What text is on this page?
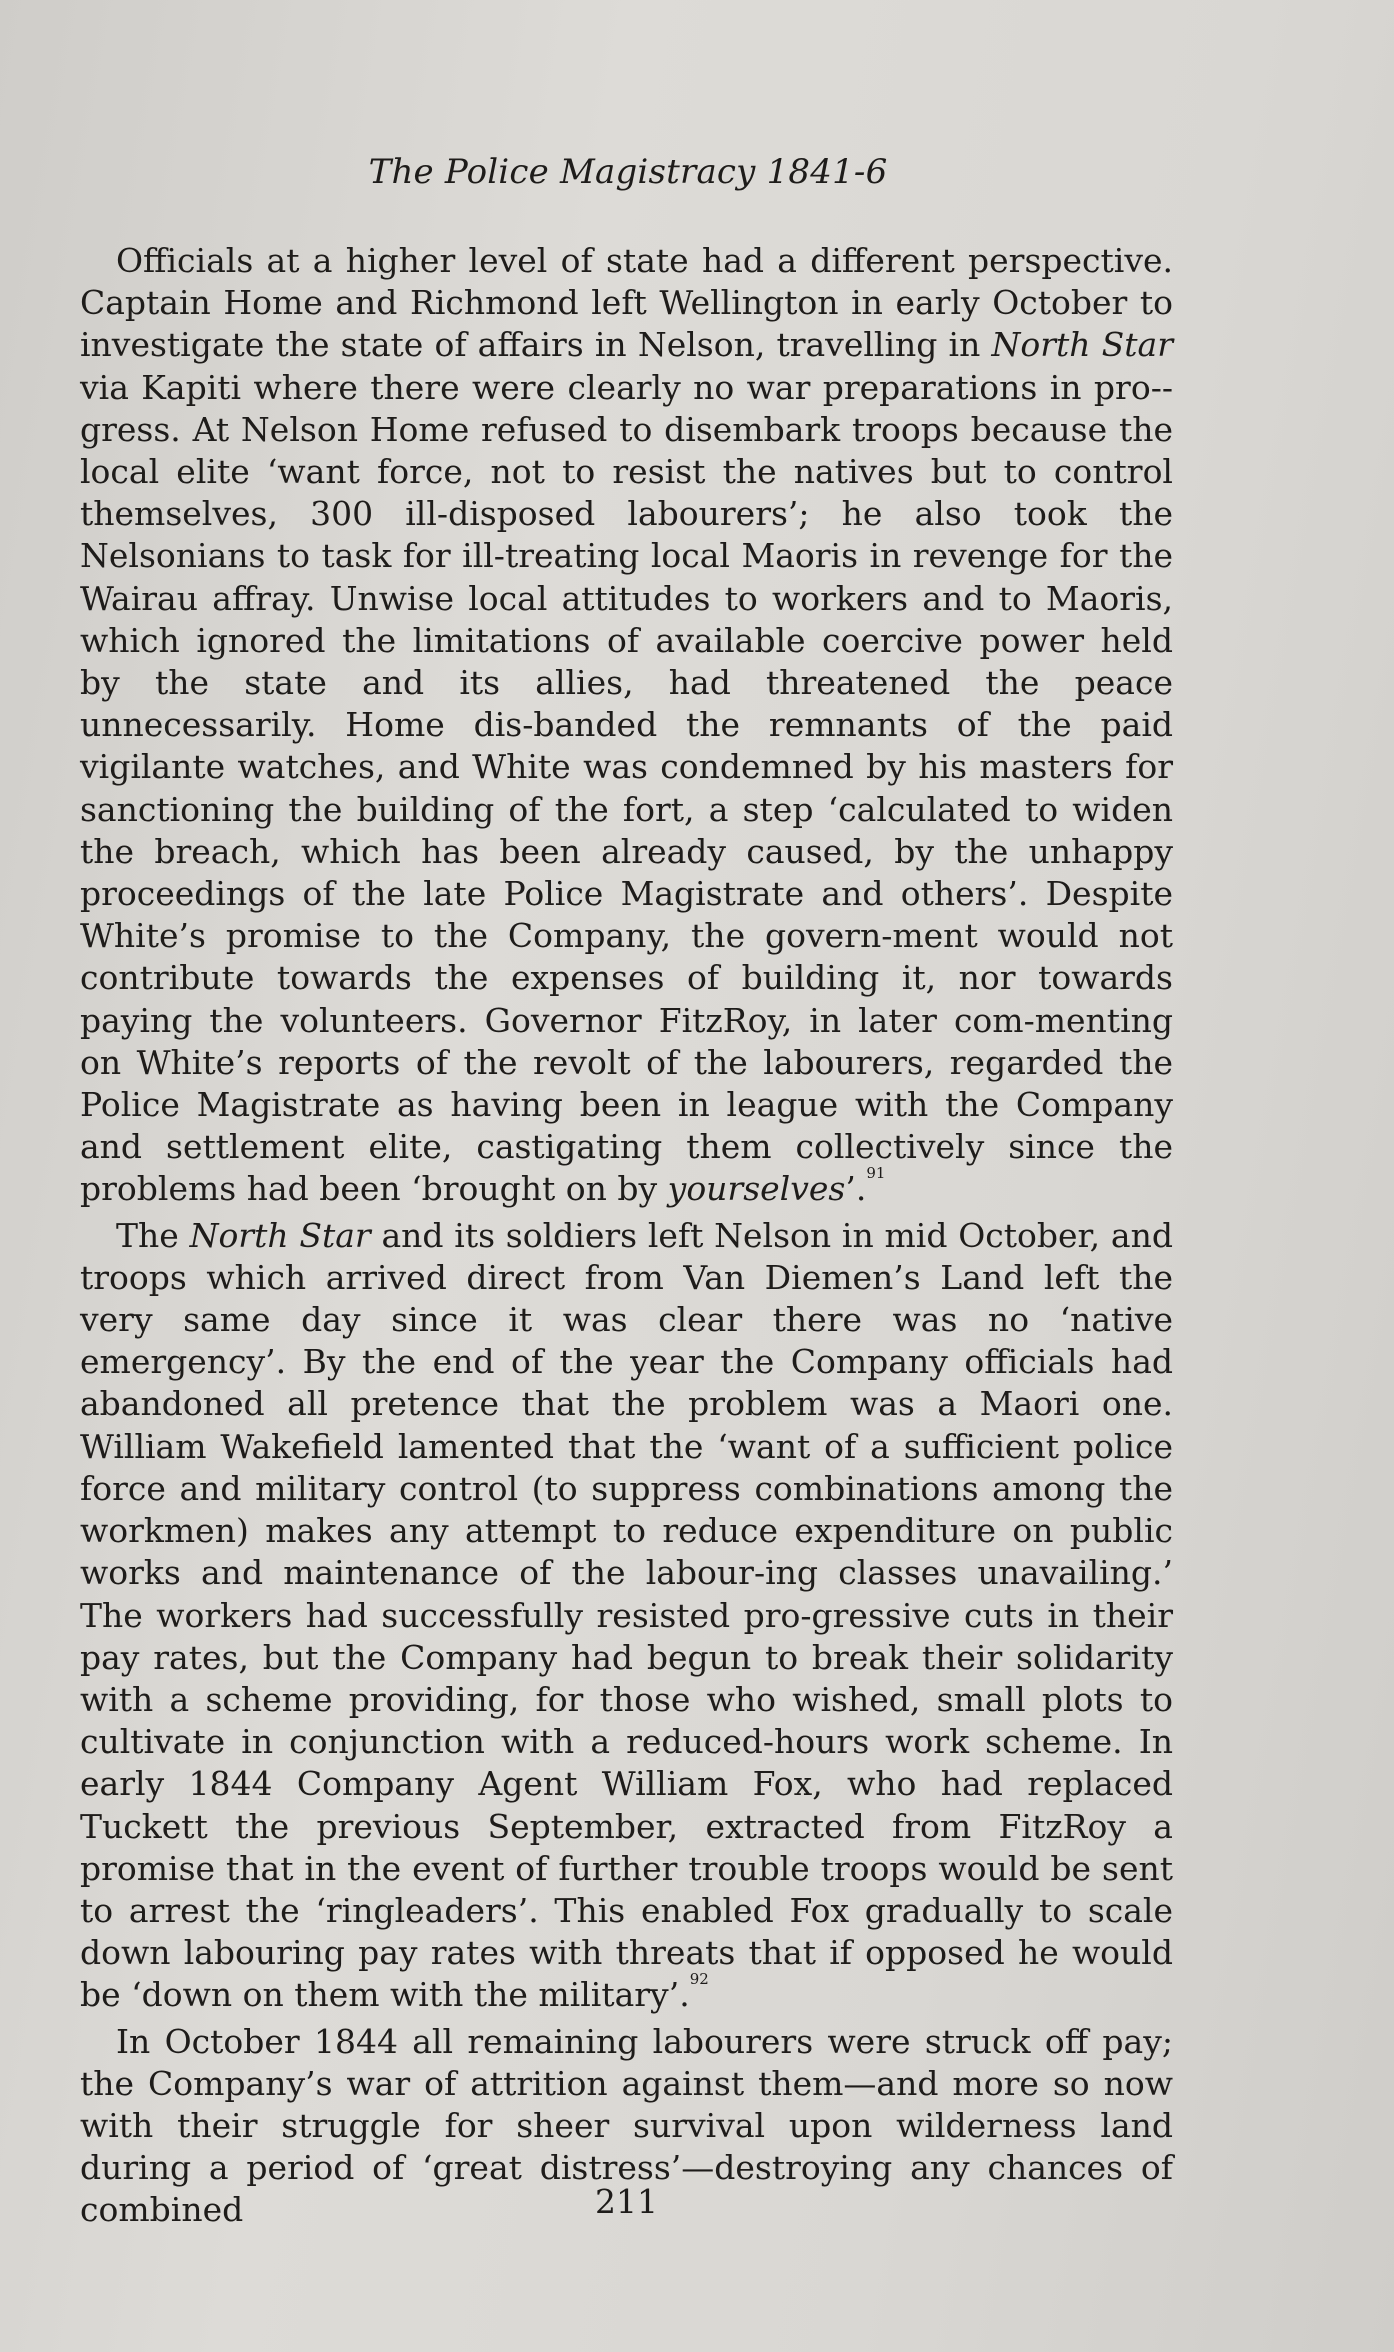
The Police Magistracy 1841-6

Officials at a higher level of state had a different perspective. Captain Home and Richmond left Wellington in early October to investigate the state of affairs in Nelson, travelling in North Star via Kapiti where there were clearly no war preparations in pro-gress. At Nelson Home refused to disembark troops because the local elite ‘want force, not to resist the natives but to control themselves, 300 ill-disposed labourers’; he also took the Nelsonians to task for ill-treating local Maoris in revenge for the Wairau affray. Unwise local attitudes to workers and to Maoris, which ignored the limitations of available coercive power held by the state and its allies, had threatened the peace unnecessarily. Home dis-banded the remnants of the paid vigilante watches, and White was condemned by his masters for sanctioning the building of the fort, a step ‘calculated to widen the breach, which has been already caused, by the unhappy proceedings of the late Police Magistrate and others’. Despite White’s promise to the Company, the govern-ment would not contribute towards the expenses of building it, nor towards paying the volunteers. Governor FitzRoy, in later com-menting on White’s reports of the revolt of the labourers, regarded the Police Magistrate as having been in league with the Company and settlement elite, castigating them collectively since the problems had been ‘brought on by yourselves’.$^{91}$

The North Star and its soldiers left Nelson in mid October, and troops which arrived direct from Van Diemen’s Land left the very same day since it was clear there was no ‘native emergency’. By the end of the year the Company officials had abandoned all pretence that the problem was a Maori one. William Wakefield lamented that the ‘want of a sufficient police force and military control (to suppress combinations among the workmen) makes any attempt to reduce expenditure on public works and maintenance of the labour-ing classes unavailing.’ The workers had successfully resisted pro-gressive cuts in their pay rates, but the Company had begun to break their solidarity with a scheme providing, for those who wished, small plots to cultivate in conjunction with a reduced-hours work scheme. In early 1844 Company Agent William Fox, who had replaced Tuckett the previous September, extracted from FitzRoy a promise that in the event of further trouble troops would be sent to arrest the ‘ringleaders’. This enabled Fox gradually to scale down labouring pay rates with threats that if opposed he would be ‘down on them with the military’.$^{92}$

In October 1844 all remaining labourers were struck off pay; the Company’s war of attrition against them—and more so now with their struggle for sheer survival upon wilderness land during a period of ‘great distress’—destroying any chances of combined	211
